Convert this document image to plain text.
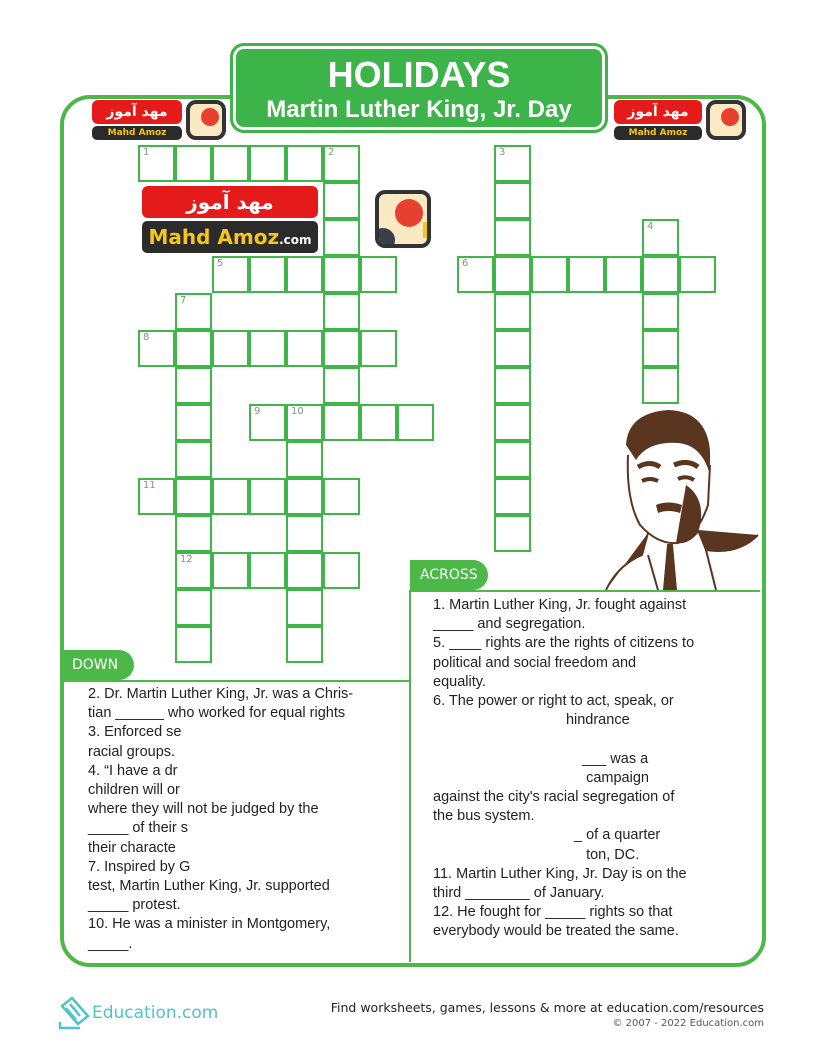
HOLIDAYS
Martin Luther King, Jr. Day
1	2
5
7
12
8
9	10
11
3
4
6
ACROSS
1. Martin Luther King, Jr. fought against
_____ and segregation.
5. ____ rights are the rights of citizens to
political and social freedom and
equality.
6. The power or right to act, speak, or
hindrance
___ was a
campaign
against the city's racial segregation of
the bus system.
_ of a quarter
ton, DC.
11. Martin Luther King, Jr. Day is on the
third ________ of January.
12. He fought for _____ rights so that
everybody would be treated the same.
DOWN
2. Dr. Martin Luther King, Jr. was a Chris-
tian ______ who worked for equal rights
3. Enforced se
racial groups.
4. “I have a dr
children will or
where they will not be judged by the
_____ of their s
their characte
7. Inspired by G
test, Martin Luther King, Jr. supported
_____ protest.
10. He was a minister in Montgomery,
_____.
مهد آموز
Mahd Amoz
مهد آموز
Mahd Amoz
مهد آموز
Mahd Amoz.com
Education.com	Find worksheets, games, lessons & more at education.com/resources
© 2007 - 2022 Education.com
